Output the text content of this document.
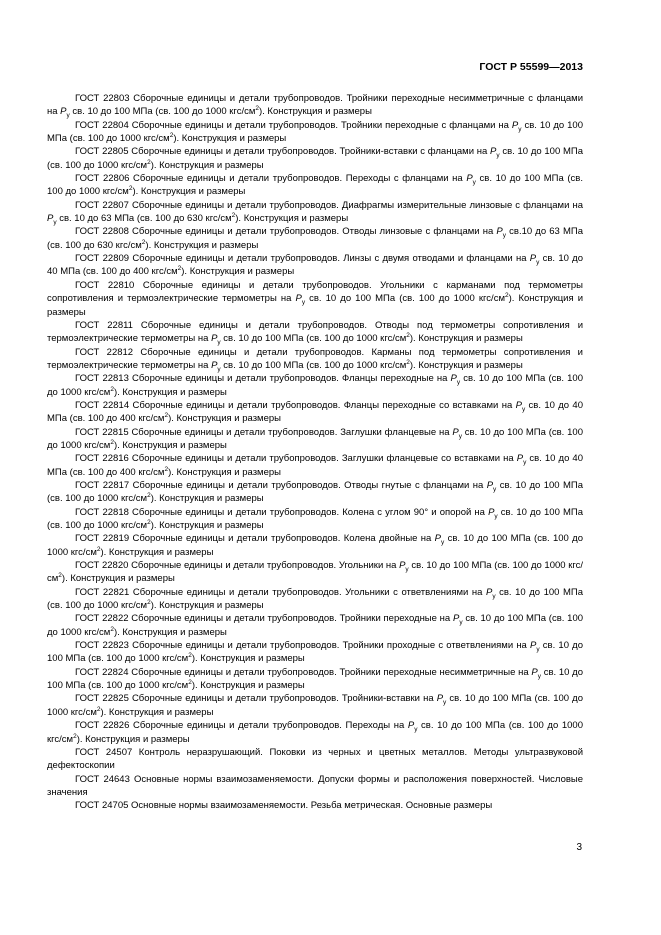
ГОСТ Р 55599—2013
ГОСТ 22803 Сборочные единицы и детали трубопроводов. Тройники переходные несимметричные с фланцами на $P_у$ св. 10 до 100 МПа (св. 100 до 1000 кгс/$см^2$). Конструкция и размеры
ГОСТ 22804 Сборочные единицы и детали трубопроводов. Тройники переходные с фланцами на $P_у$ св. 10 до 100 МПа (св. 100 до 1000 кгс/$см^2$). Конструкция и размеры
ГОСТ 22805 Сборочные единицы и детали трубопроводов. Тройники-вставки с фланцами на $P_у$ св. 10 до 100 МПа (св. 100 до 1000 кгс/$см^2$). Конструкция и размеры
ГОСТ 22806 Сборочные единицы и детали трубопроводов. Переходы с фланцами на $P_у$ св. 10 до 100 МПа (св. 100 до 1000 кгс/$см^2$). Конструкция и размеры
ГОСТ 22807 Сборочные единицы и детали трубопроводов. Диафрагмы измерительные линзовые с фланцами на $P_у$ св. 10 до 63 МПа (св. 100 до 630 кгс/$см^2$). Конструкция и размеры
ГОСТ 22808 Сборочные единицы и детали трубопроводов. Отводы линзовые с фланцами на $P_у$ св.10 до 63 МПа (св. 100 до 630 кгс/$см^2$). Конструкция и размеры
ГОСТ 22809 Сборочные единицы и детали трубопроводов. Линзы с двумя отводами и фланцами на $P_у$ св. 10 до 40 МПа (св. 100 до 400 кгс/$см^2$). Конструкция и размеры
ГОСТ 22810 Сборочные единицы и детали трубопроводов. Угольники с карманами под термометры сопротивления и термоэлектрические термометры на $P_у$ св. 10 до 100 МПа (св. 100 до 1000 кгс/$см^2$). Конструкция и размеры
ГОСТ 22811 Сборочные единицы и детали трубопроводов. Отводы под термометры сопротивления и термоэлектрические термометры на $P_у$ св. 10 до 100 МПа (св. 100 до 1000 кгс/$см^2$). Конструкция и размеры
ГОСТ 22812 Сборочные единицы и детали трубопроводов. Карманы под термометры сопротивления и термоэлектрические термометры на $P_у$ св. 10 до 100 МПа (св. 100 до 1000 кгс/$см^2$). Конструкция и размеры
ГОСТ 22813 Сборочные единицы и детали трубопроводов. Фланцы переходные на $P_у$ св. 10 до 100 МПа (св. 100 до 1000 кгс/$см^2$). Конструкция и размеры
ГОСТ 22814 Сборочные единицы и детали трубопроводов. Фланцы переходные со вставками на $P_у$ св. 10 до 40 МПа (св. 100 до 400 кгс/$см^2$). Конструкция и размеры
ГОСТ 22815 Сборочные единицы и детали трубопроводов. Заглушки фланцевые на $P_у$ св. 10 до 100 МПа (св. 100 до 1000 кгс/$см^2$). Конструкция и размеры
ГОСТ 22816 Сборочные единицы и детали трубопроводов. Заглушки фланцевые со вставками на $P_у$ св. 10 до 40 МПа (св. 100 до 400 кгс/$см^2$). Конструкция и размеры
ГОСТ 22817 Сборочные единицы и детали трубопроводов. Отводы гнутые с фланцами на $P_у$ св. 10 до 100 МПа (св. 100 до 1000 кгс/$см^2$). Конструкция и размеры
ГОСТ 22818 Сборочные единицы и детали трубопроводов. Колена с углом 90° и опорой на $P_у$ св. 10 до 100 МПа (св. 100 до 1000 кгс/$см^2$). Конструкция и размеры
ГОСТ 22819 Сборочные единицы и детали трубопроводов. Колена двойные на $P_у$ св. 10 до 100 МПа (св. 100 до 1000 кгс/$см^2$). Конструкция и размеры
ГОСТ 22820 Сборочные единицы и детали трубопроводов. Угольники на $P_у$ св. 10 до 100 МПа (св. 100 до 1000 кгс/$см^2$). Конструкция и размеры
ГОСТ 22821 Сборочные единицы и детали трубопроводов. Угольники с ответвлениями на $P_у$ св. 10 до 100 МПа (св. 100 до 1000 кгс/$см^2$). Конструкция и размеры
ГОСТ 22822 Сборочные единицы и детали трубопроводов. Тройники переходные на $P_у$ св. 10 до 100 МПа (св. 100 до 1000 кгс/$см^2$). Конструкция и размеры
ГОСТ 22823 Сборочные единицы и детали трубопроводов. Тройники проходные с ответвлениями на $P_у$ св. 10 до 100 МПа (св. 100 до 1000 кгс/$см^2$). Конструкция и размеры
ГОСТ 22824 Сборочные единицы и детали трубопроводов. Тройники переходные несимметричные на $P_у$ св. 10 до 100 МПа (св. 100 до 1000 кгс/$см^2$). Конструкция и размеры
ГОСТ 22825 Сборочные единицы и детали трубопроводов. Тройники-вставки на $P_у$ св. 10 до 100 МПа (св. 100 до 1000 кгс/$см^2$). Конструкция и размеры
ГОСТ 22826 Сборочные единицы и детали трубопроводов. Переходы на $P_у$ св. 10 до 100 МПа (св. 100 до 1000 кгс/$см^2$). Конструкция и размеры
ГОСТ 24507 Контроль неразрушающий. Поковки из черных и цветных металлов. Методы ультразвуковой дефектоскопии
ГОСТ 24643 Основные нормы взаимозаменяемости. Допуски формы и расположения поверхностей. Числовые значения
ГОСТ 24705 Основные нормы взаимозаменяемости. Резьба метрическая. Основные размеры
3
